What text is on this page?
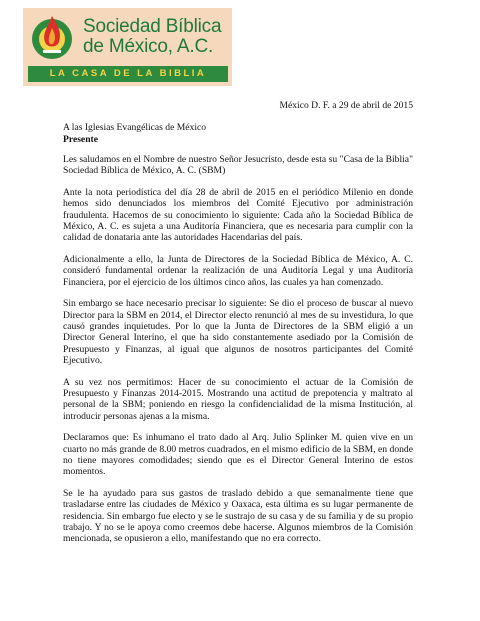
Sociedad Bíblica
de México, A.C.
LA CASA DE LA BIBLIA
México D. F. a 29 de abril de 2015
A las Iglesias Evangélicas de México
Presente

Les saludamos en el Nombre de nuestro Señor Jesucristo, desde esta su "Casa de la Biblia" Sociedad Bíblica de México, A. C. (SBM)

Ante la nota periodística del día 28 de abril de 2015 en el periódico Milenio en donde hemos sido denunciados los miembros del Comité Ejecutivo por administración fraudulenta. Hacemos de su conocimiento lo siguiente: Cada año la Sociedad Bíblica de México, A. C. es sujeta a una Auditoría Financiera, que es necesaria para cumplir con la calidad de donataria ante las autoridades Hacendarias del país.

Adicionalmente a ello, la Junta de Directores de la Sociedad Bíblica de México, A. C. consideró fundamental ordenar la realización de una Auditoría Legal y una Auditoría Financiera, por el ejercicio de los últimos cinco años, las cuales ya han comenzado.

Sin embargo se hace necesario precisar lo siguiente: Se dio el proceso de buscar al nuevo Director para la SBM en 2014, el Director electo renunció al mes de su investidura, lo que causó grandes inquietudes. Por lo que la Junta de Directores de la SBM eligió a un Director General Interino, el que ha sido constantemente asediado por la Comisión de Presupuesto y Finanzas, al igual que algunos de nosotros participantes del Comité Ejecutivo.

A su vez nos permitimos: Hacer de su conocimiento el actuar de la Comisión de Presupuesto y Finanzas 2014-2015. Mostrando una actitud de prepotencia y maltrato al personal de la SBM; poniendo en riesgo la confidencialidad de la misma Institución, al introducir personas ajenas a la misma.

Declaramos que: Es inhumano el trato dado al Arq. Julio Splinker M. quien vive en un cuarto no más grande de 8.00 metros cuadrados, en el mismo edificio de la SBM, en donde no tiene mayores comodidades; siendo que es el Director General Interino de estos momentos.

Se le ha ayudado para sus gastos de traslado debido a que semanalmente tiene que trasladarse entre las ciudades de México y Oaxaca, esta última es su lugar permanente de residencia. Sin embargo fue electo y se le sustrajo de su casa y de su familia y de su propio trabajo. Y no se le apoya como creemos debe hacerse. Algunos miembros de la Comisión mencionada, se opusieron a ello, manifestando que no era correcto.
